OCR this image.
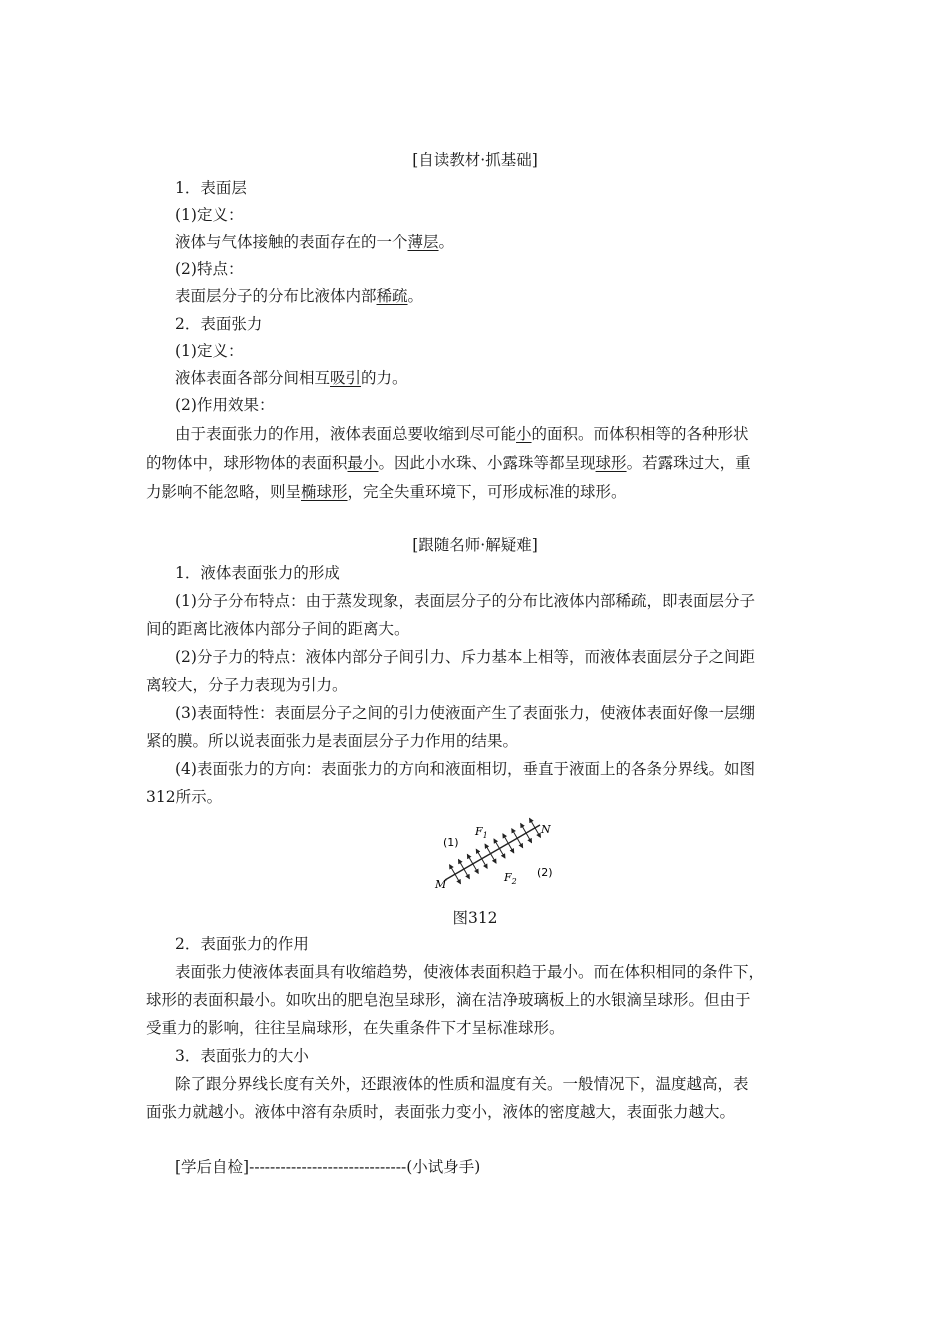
[自读教材·抓基础]
1．表面层
(1)定义：
液体与气体接触的表面存在的一个薄层。
(2)特点：
表面层分子的分布比液体内部稀疏。
2．表面张力
(1)定义：
液体表面各部分间相互吸引的力。
(2)作用效果：
由于表面张力的作用，液体表面总要收缩到尽可能小的面积。而体积相等的各种形状
的物体中，球形物体的表面积最小。因此小水珠、小露珠等都呈现球形。若露珠过大，重
力影响不能忽略，则呈椭球形，完全失重环境下，可形成标准的球形。
[跟随名师·解疑难]
1．液体表面张力的形成
(1)分子分布特点：由于蒸发现象，表面层分子的分布比液体内部稀疏，即表面层分子
间的距离比液体内部分子间的距离大。
(2)分子力的特点：液体内部分子间引力、斥力基本上相等，而液体表面层分子之间距
离较大，分子力表现为引力。
(3)表面特性：表面层分子之间的引力使液面产生了表面张力，使液体表面好像一层绷
紧的膜。所以说表面张力是表面层分子力作用的结果。
(4)表面张力的方向：表面张力的方向和液面相切，垂直于液面上的各条分界线。如图
312所示。
(1)
(2)
$F_1$
$F_2$
M
N
图312
2．表面张力的作用
表面张力使液体表面具有收缩趋势，使液体表面积趋于最小。而在体积相同的条件下，
球形的表面积最小。如吹出的肥皂泡呈球形，滴在洁净玻璃板上的水银滴呈球形。但由于
受重力的影响，往往呈扁球形，在失重条件下才呈标准球形。
3．表面张力的大小
除了跟分界线长度有关外，还跟液体的性质和温度有关。一般情况下，温度越高，表
面张力就越小。液体中溶有杂质时，表面张力变小，液体的密度越大，表面张力越大。
[学后自检]------------------------------(小试身手)
